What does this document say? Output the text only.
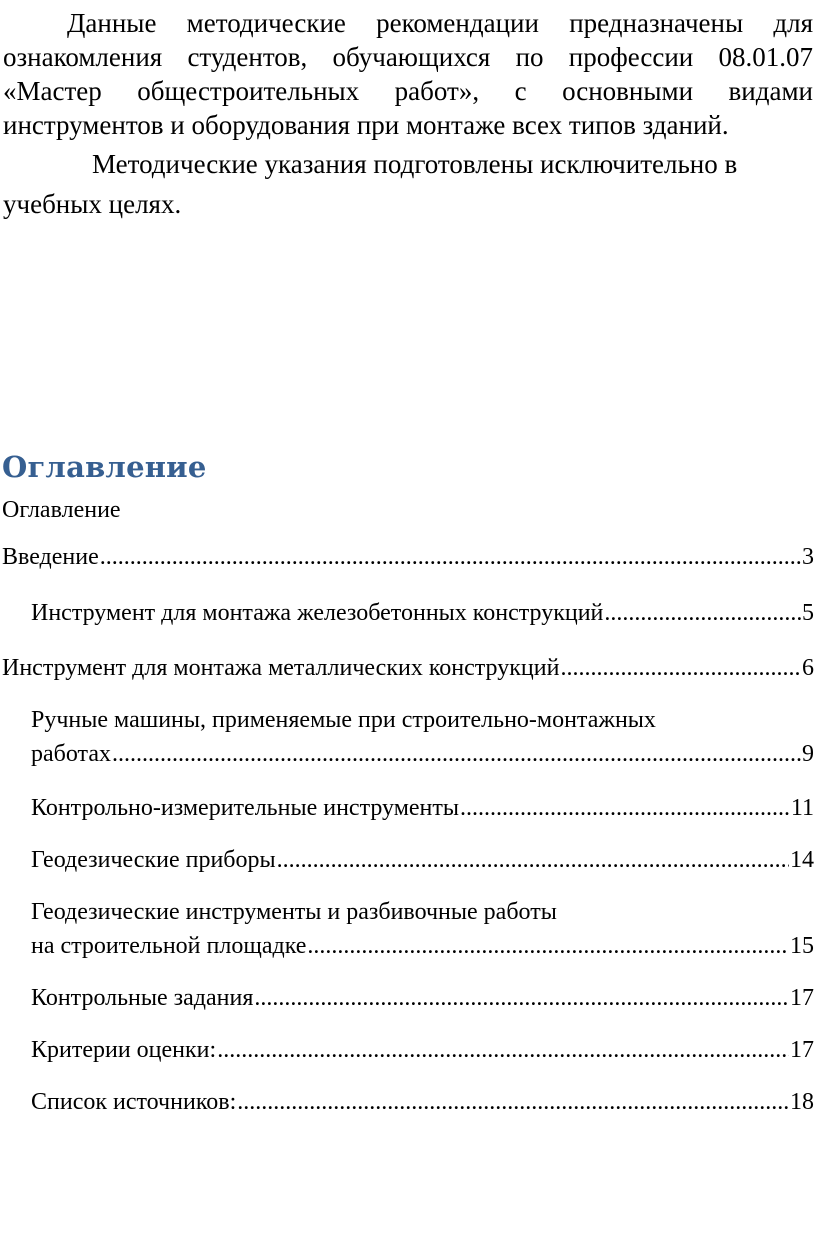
Данные методические рекомендации предназначены для ознакомления студентов, обучающихся по профессии 08.01.07 «Мастер общестроительных работ», с основными видами инструментов и оборудования при монтаже всех типов зданий.

Методические указания подготовлены исключительно в учебных целях.

Оглавление
Оглавление
Введение .....	3
Инструмент для монтажа железобетонных конструкций .....	5
Инструмент для монтажа металлических конструкций .....	6
Ручные машины, применяемые при строительно-монтажных
работах .....	9
Контрольно-измерительные инструменты .....	11
Геодезические приборы .....	14
Геодезические инструменты и разбивочные работы
на строительной площадке .....	15
Контрольные задания .....	17
Критерии оценки: .....	17
Список источников: .....	18
